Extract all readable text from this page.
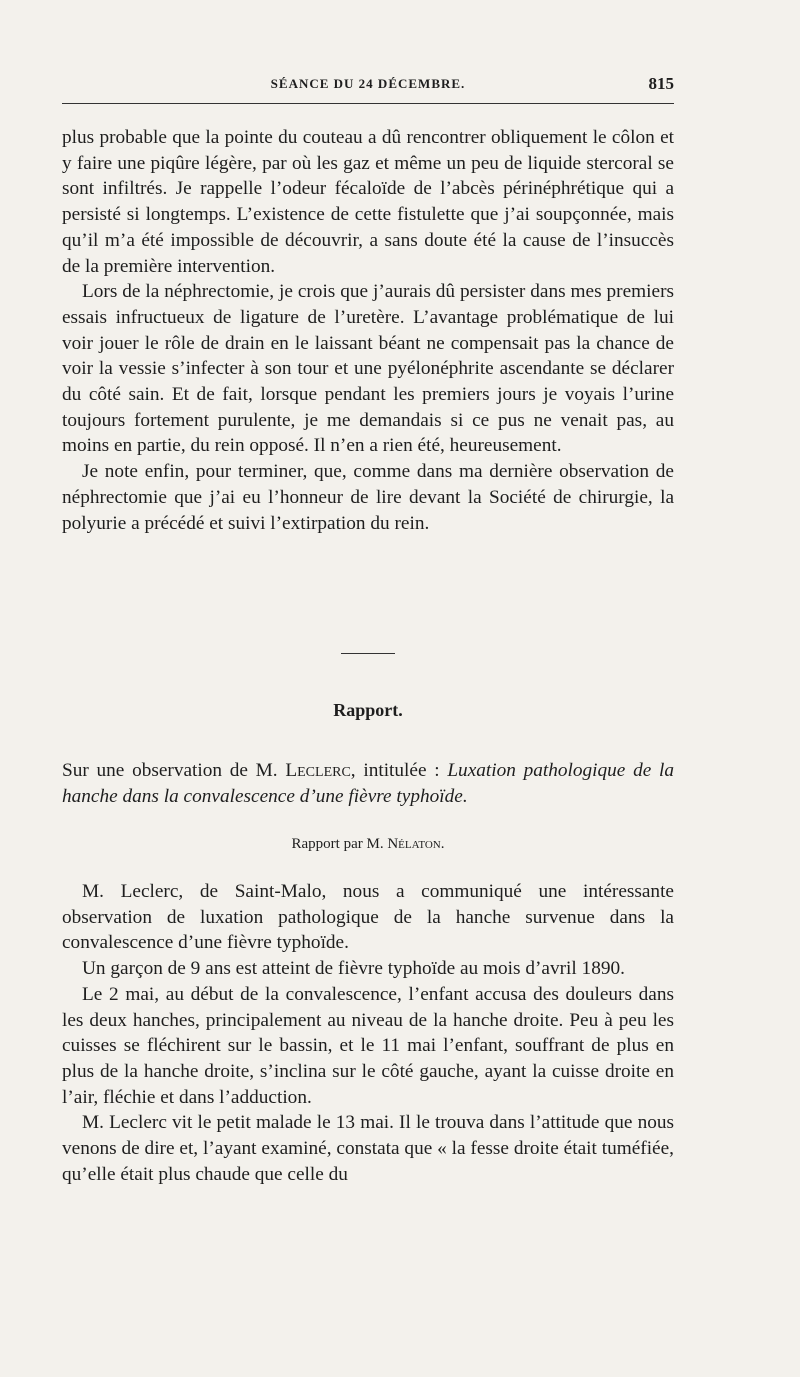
SÉANCE DU 24 DÉCEMBRE.	815

plus probable que la pointe du couteau a dû rencontrer obliquement le côlon et y faire une piqûre légère, par où les gaz et même un peu de liquide stercoral se sont infiltrés. Je rappelle l’odeur fécaloïde de l’abcès périnéphrétique qui a persisté si longtemps. L’existence de cette fistulette que j’ai soupçonnée, mais qu’il m’a été impossible de découvrir, a sans doute été la cause de l’insuccès de la première intervention.

Lors de la néphrectomie, je crois que j’aurais dû persister dans mes premiers essais infructueux de ligature de l’uretère. L’avantage problématique de lui voir jouer le rôle de drain en le laissant béant ne compensait pas la chance de voir la vessie s’infecter à son tour et une pyélonéphrite ascendante se déclarer du côté sain. Et de fait, lorsque pendant les premiers jours je voyais l’urine toujours fortement purulente, je me demandais si ce pus ne venait pas, au moins en partie, du rein opposé. Il n’en a rien été, heureusement.

Je note enfin, pour terminer, que, comme dans ma dernière observation de néphrectomie que j’ai eu l’honneur de lire devant la Société de chirurgie, la polyurie a précédé et suivi l’extirpation du rein.

Rapport.

Sur une observation de M. Leclerc, intitulée : Luxation pathologique de la hanche dans la convalescence d’une fièvre typhoïde.

Rapport par M. Nélaton.

M. Leclerc, de Saint-Malo, nous a communiqué une intéressante observation de luxation pathologique de la hanche survenue dans la convalescence d’une fièvre typhoïde.

Un garçon de 9 ans est atteint de fièvre typhoïde au mois d’avril 1890.

Le 2 mai, au début de la convalescence, l’enfant accusa des douleurs dans les deux hanches, principalement au niveau de la hanche droite. Peu à peu les cuisses se fléchirent sur le bassin, et le 11 mai l’enfant, souffrant de plus en plus de la hanche droite, s’inclina sur le côté gauche, ayant la cuisse droite en l’air, fléchie et dans l’adduction.

M. Leclerc vit le petit malade le 13 mai. Il le trouva dans l’attitude que nous venons de dire et, l’ayant examiné, constata que « la fesse droite était tuméfiée, qu’elle était plus chaude que celle du
